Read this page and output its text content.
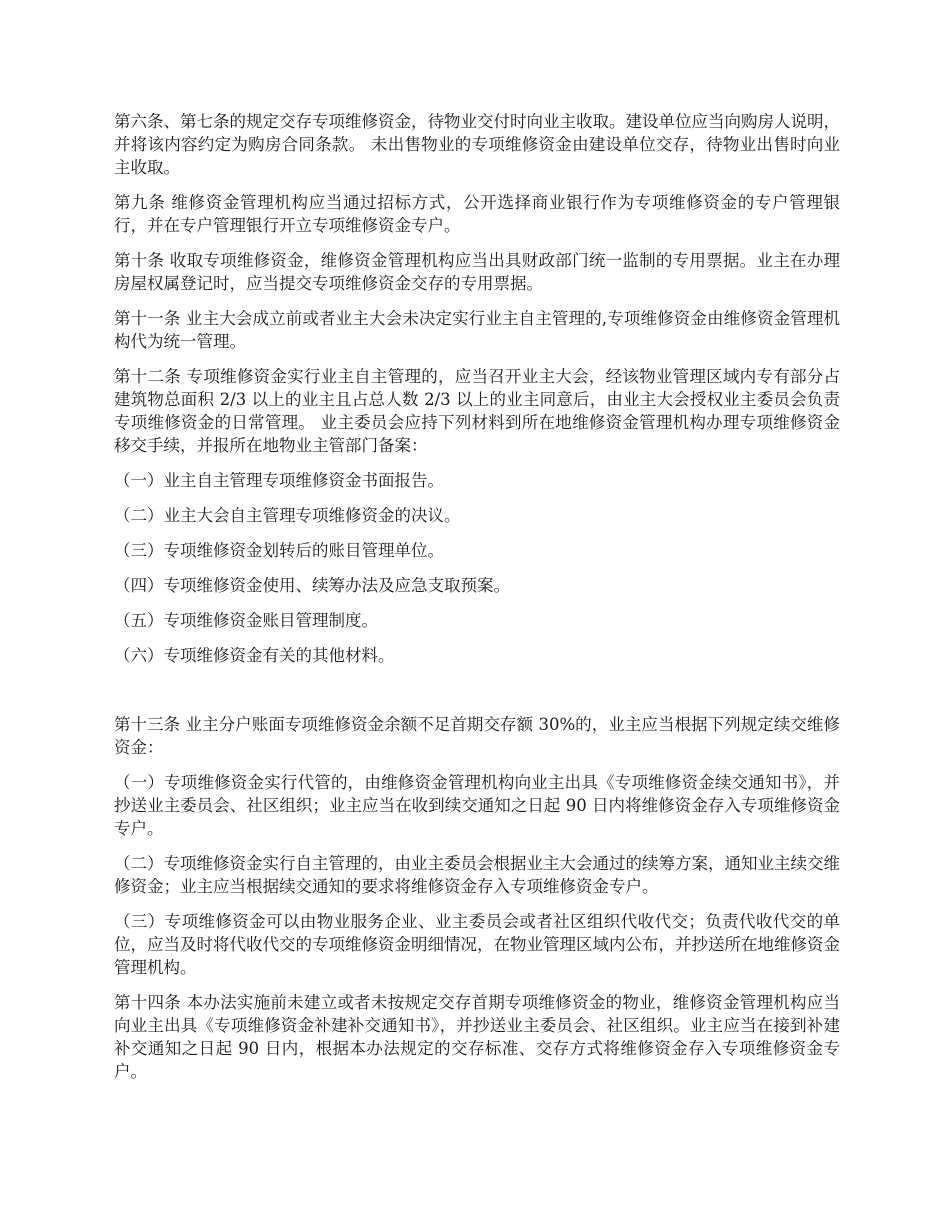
第六条、第七条的规定交存专项维修资金，待物业交付时向业主收取。建设单位应当向购房人说明，并将该内容约定为购房合同条款。 未出售物业的专项维修资金由建设单位交存，待物业出售时向业主收取。

第九条 维修资金管理机构应当通过招标方式，公开选择商业银行作为专项维修资金的专户管理银行，并在专户管理银行开立专项维修资金专户。

第十条 收取专项维修资金，维修资金管理机构应当出具财政部门统一监制的专用票据。业主在办理房屋权属登记时，应当提交专项维修资金交存的专用票据。

第十一条 业主大会成立前或者业主大会未决定实行业主自主管理的,专项维修资金由维修资金管理机构代为统一管理。

第十二条 专项维修资金实行业主自主管理的，应当召开业主大会，经该物业管理区域内专有部分占建筑物总面积 2/3 以上的业主且占总人数 2/3 以上的业主同意后，由业主大会授权业主委员会负责专项维修资金的日常管理。 业主委员会应持下列材料到所在地维修资金管理机构办理专项维修资金移交手续，并报所在地物业主管部门备案：

（一）业主自主管理专项维修资金书面报告。

（二）业主大会自主管理专项维修资金的决议。

（三）专项维修资金划转后的账目管理单位。

（四）专项维修资金使用、续筹办法及应急支取预案。

（五）专项维修资金账目管理制度。

（六）专项维修资金有关的其他材料。

第十三条 业主分户账面专项维修资金余额不足首期交存额 30%的，业主应当根据下列规定续交维修资金：

（一）专项维修资金实行代管的，由维修资金管理机构向业主出具《专项维修资金续交通知书》，并抄送业主委员会、社区组织；业主应当在收到续交通知之日起 90 日内将维修资金存入专项维修资金专户。

（二）专项维修资金实行自主管理的，由业主委员会根据业主大会通过的续筹方案，通知业主续交维修资金；业主应当根据续交通知的要求将维修资金存入专项维修资金专户。

（三）专项维修资金可以由物业服务企业、业主委员会或者社区组织代收代交；负责代收代交的单位，应当及时将代收代交的专项维修资金明细情况，在物业管理区域内公布，并抄送所在地维修资金管理机构。

第十四条 本办法实施前未建立或者未按规定交存首期专项维修资金的物业，维修资金管理机构应当向业主出具《专项维修资金补建补交通知书》，并抄送业主委员会、社区组织。业主应当在接到补建补交通知之日起 90 日内，根据本办法规定的交存标准、交存方式将维修资金存入专项维修资金专户。
